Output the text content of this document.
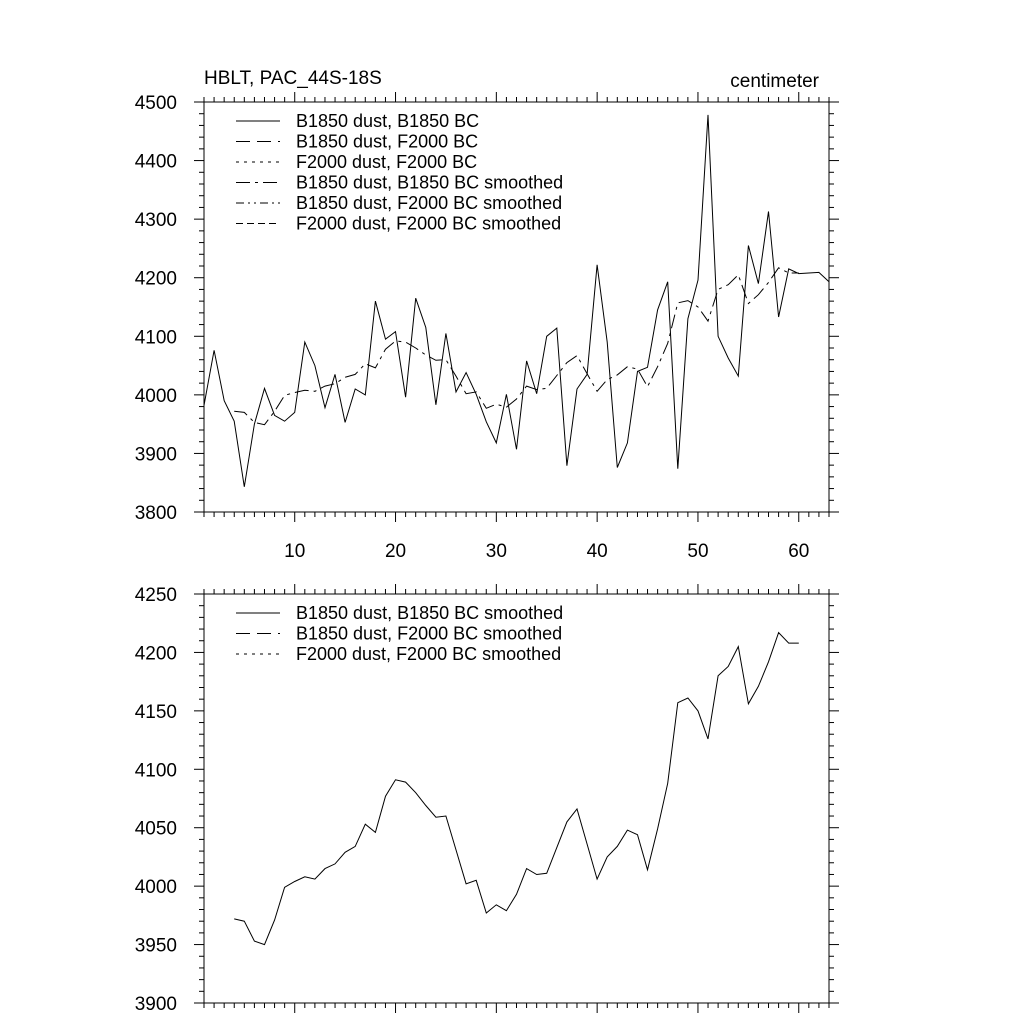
HBLT, PAC_44S-18S	centimeter
10	20	30	40	50	60
3800
3900
4000
4100
4200
4300
4400
4500
B1850 dust, B1850 BC
B1850 dust, F2000 BC
F2000 dust, F2000 BC
B1850 dust, B1850 BC smoothed
B1850 dust, F2000 BC smoothed
F2000 dust, F2000 BC smoothed
3900
3950
4000
4050
4100
4150
4200
4250
B1850 dust, B1850 BC smoothed
B1850 dust, F2000 BC smoothed
F2000 dust, F2000 BC smoothed
